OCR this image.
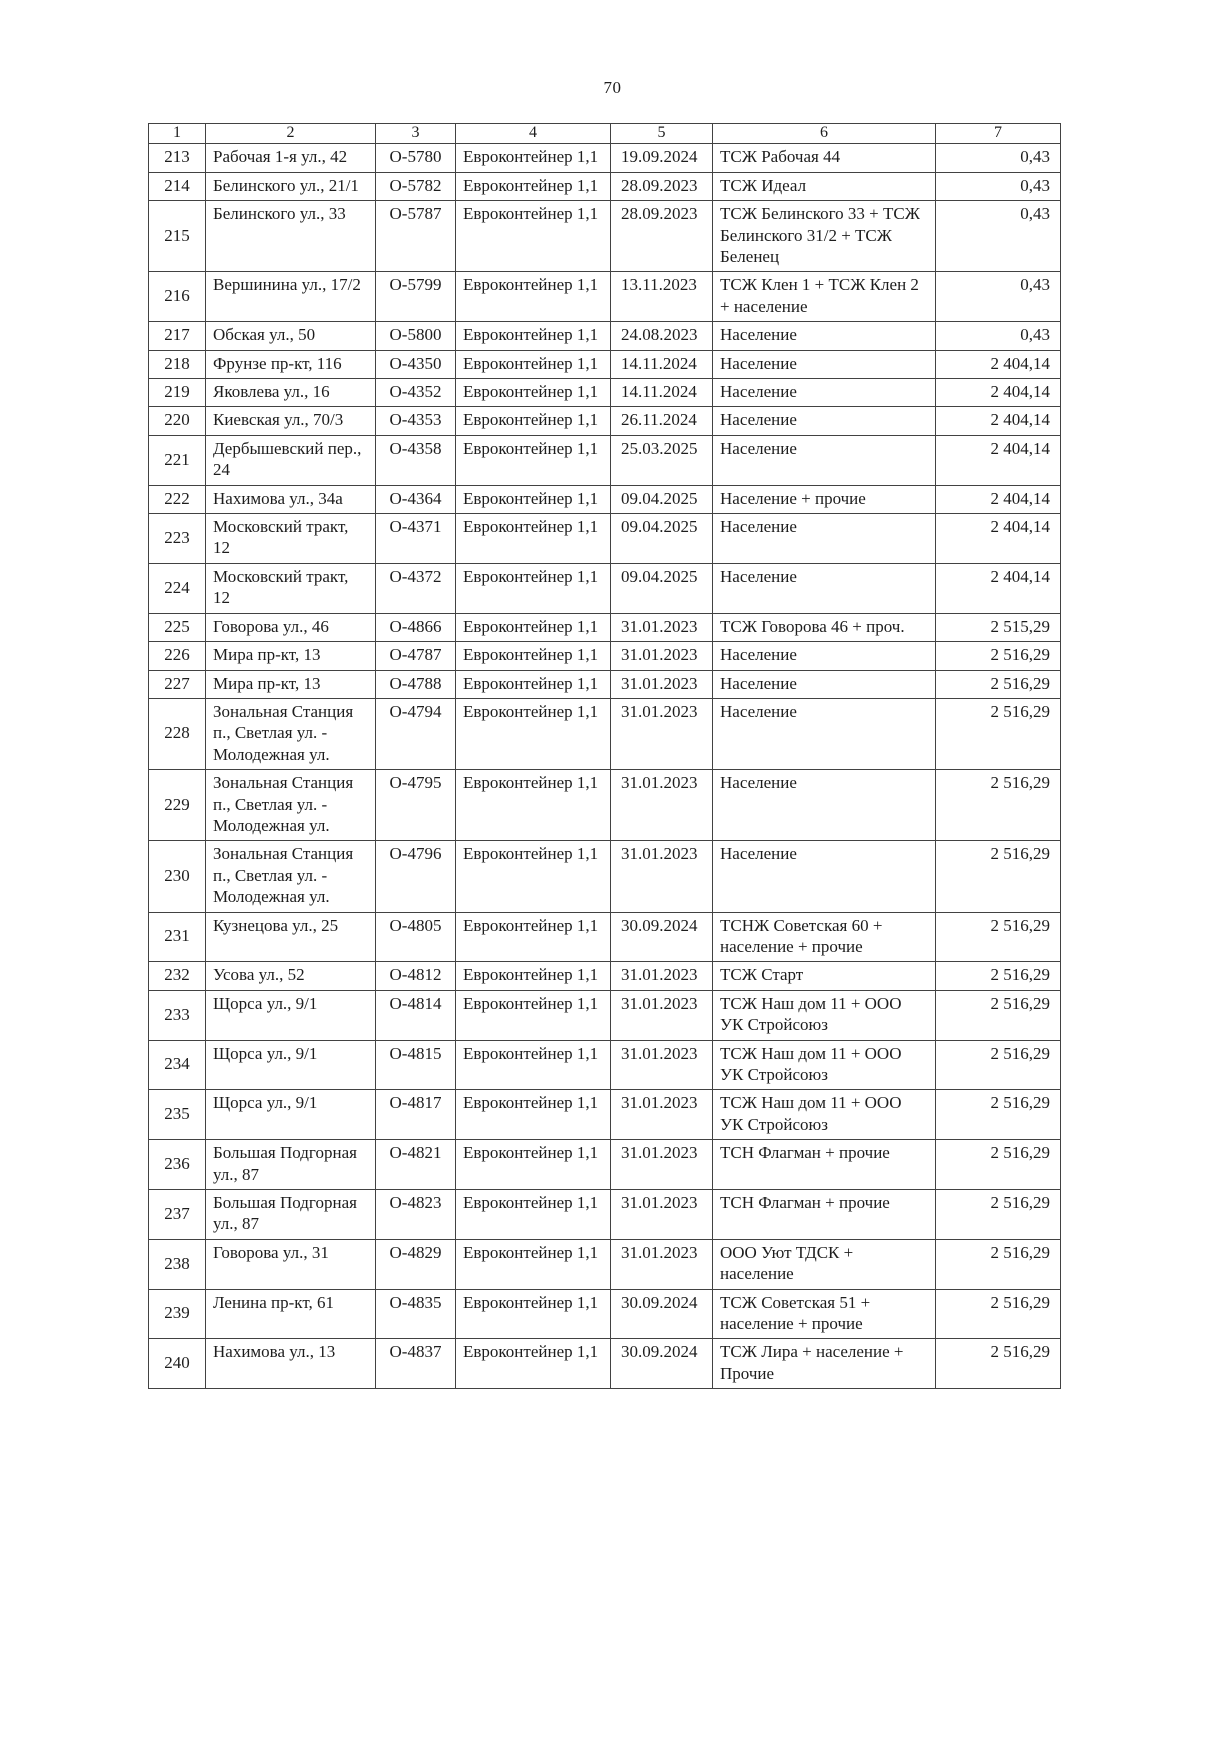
70
1	2	3	4	5	6	7
213	Рабочая 1-я ул., 42	О-5780	Евроконтейнер 1,1	19.09.2024	ТСЖ Рабочая 44	0,43
214	Белинского ул., 21/1	О-5782	Евроконтейнер 1,1	28.09.2023	ТСЖ Идеал	0,43
215	Белинского ул., 33	О-5787	Евроконтейнер 1,1	28.09.2023	ТСЖ Белинского 33 + ТСЖ Белинского 31/2 + ТСЖ Беленец	0,43
216	Вершинина ул., 17/2	О-5799	Евроконтейнер 1,1	13.11.2023	ТСЖ Клен 1 + ТСЖ Клен 2 + население	0,43
217	Обская ул., 50	О-5800	Евроконтейнер 1,1	24.08.2023	Население	0,43
218	Фрунзе пр-кт, 116	О-4350	Евроконтейнер 1,1	14.11.2024	Население	2 404,14
219	Яковлева ул., 16	О-4352	Евроконтейнер 1,1	14.11.2024	Население	2 404,14
220	Киевская ул., 70/3	О-4353	Евроконтейнер 1,1	26.11.2024	Население	2 404,14
221	Дербышевский пер., 24	О-4358	Евроконтейнер 1,1	25.03.2025	Население	2 404,14
222	Нахимова ул., 34а	О-4364	Евроконтейнер 1,1	09.04.2025	Население + прочие	2 404,14
223	Московский тракт, 12	О-4371	Евроконтейнер 1,1	09.04.2025	Население	2 404,14
224	Московский тракт, 12	О-4372	Евроконтейнер 1,1	09.04.2025	Население	2 404,14
225	Говорова ул., 46	О-4866	Евроконтейнер 1,1	31.01.2023	ТСЖ Говорова 46 + проч.	2 515,29
226	Мира пр-кт, 13	О-4787	Евроконтейнер 1,1	31.01.2023	Население	2 516,29
227	Мира пр-кт, 13	О-4788	Евроконтейнер 1,1	31.01.2023	Население	2 516,29
228	Зональная Станция п., Светлая ул. - Молодежная ул.	О-4794	Евроконтейнер 1,1	31.01.2023	Население	2 516,29
229	Зональная Станция п., Светлая ул. - Молодежная ул.	О-4795	Евроконтейнер 1,1	31.01.2023	Население	2 516,29
230	Зональная Станция п., Светлая ул. - Молодежная ул.	О-4796	Евроконтейнер 1,1	31.01.2023	Население	2 516,29
231	Кузнецова ул., 25	О-4805	Евроконтейнер 1,1	30.09.2024	ТСНЖ Советская 60 + население + прочие	2 516,29
232	Усова ул., 52	О-4812	Евроконтейнер 1,1	31.01.2023	ТСЖ Старт	2 516,29
233	Щорса ул., 9/1	О-4814	Евроконтейнер 1,1	31.01.2023	ТСЖ Наш дом 11 + ООО УК Стройсоюз	2 516,29
234	Щорса ул., 9/1	О-4815	Евроконтейнер 1,1	31.01.2023	ТСЖ Наш дом 11 + ООО УК Стройсоюз	2 516,29
235	Щорса ул., 9/1	О-4817	Евроконтейнер 1,1	31.01.2023	ТСЖ Наш дом 11 + ООО УК Стройсоюз	2 516,29
236	Большая Подгорная ул., 87	О-4821	Евроконтейнер 1,1	31.01.2023	ТСН Флагман + прочие	2 516,29
237	Большая Подгорная ул., 87	О-4823	Евроконтейнер 1,1	31.01.2023	ТСН Флагман + прочие	2 516,29
238	Говорова ул., 31	О-4829	Евроконтейнер 1,1	31.01.2023	ООО Уют ТДСК + население	2 516,29
239	Ленина пр-кт, 61	О-4835	Евроконтейнер 1,1	30.09.2024	ТСЖ Советская 51 + население + прочие	2 516,29
240	Нахимова ул., 13	О-4837	Евроконтейнер 1,1	30.09.2024	ТСЖ Лира + население + Прочие	2 516,29
